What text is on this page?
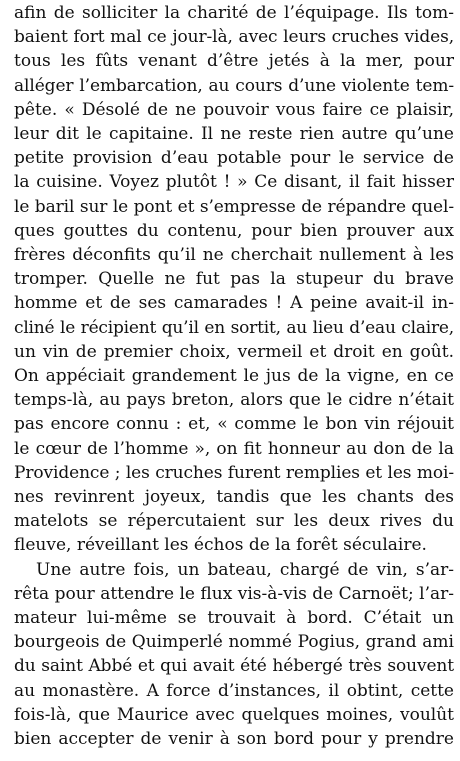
afin de solliciter la charité de l’équipage. Ils tom-
baient fort mal ce jour-là, avec leurs cruches vides,
tous les fûts venant d’être jetés à la mer, pour
alléger l’embarcation, au cours d’une violente tem-
pête. « Désolé de ne pouvoir vous faire ce plaisir,
leur dit le capitaine. Il ne reste rien autre qu’une
petite provision d’eau potable pour le service de
la cuisine. Voyez plutôt ! » Ce disant, il fait hisser
le baril sur le pont et s’empresse de répandre quel-
ques gouttes du contenu, pour bien prouver aux
frères déconfits qu’il ne cherchait nullement à les
tromper. Quelle ne fut pas la stupeur du brave
homme et de ses camarades ! A peine avait-il in-
cliné le récipient qu’il en sortit, au lieu d’eau claire,
un vin de premier choix, vermeil et droit en goût.
On appéciait grandement le jus de la vigne, en ce
temps-là, au pays breton, alors que le cidre n’était
pas encore connu : et, « comme le bon vin réjouit
le cœur de l’homme », on fit honneur au don de la
Providence ; les cruches furent remplies et les moi-
nes revinrent joyeux, tandis que les chants des
matelots se répercutaient sur les deux rives du
fleuve, réveillant les échos de la forêt séculaire.
Une autre fois, un bateau, chargé de vin, s’ar-
rêta pour attendre le flux vis-à-vis de Carnoët; l’ar-
mateur lui-même se trouvait à bord. C’était un
bourgeois de Quimperlé nommé Pogius, grand ami
du saint Abbé et qui avait été hébergé très souvent
au monastère. A force d’instances, il obtint, cette
fois-là, que Maurice avec quelques moines, voulût
bien accepter de venir à son bord pour y prendre
